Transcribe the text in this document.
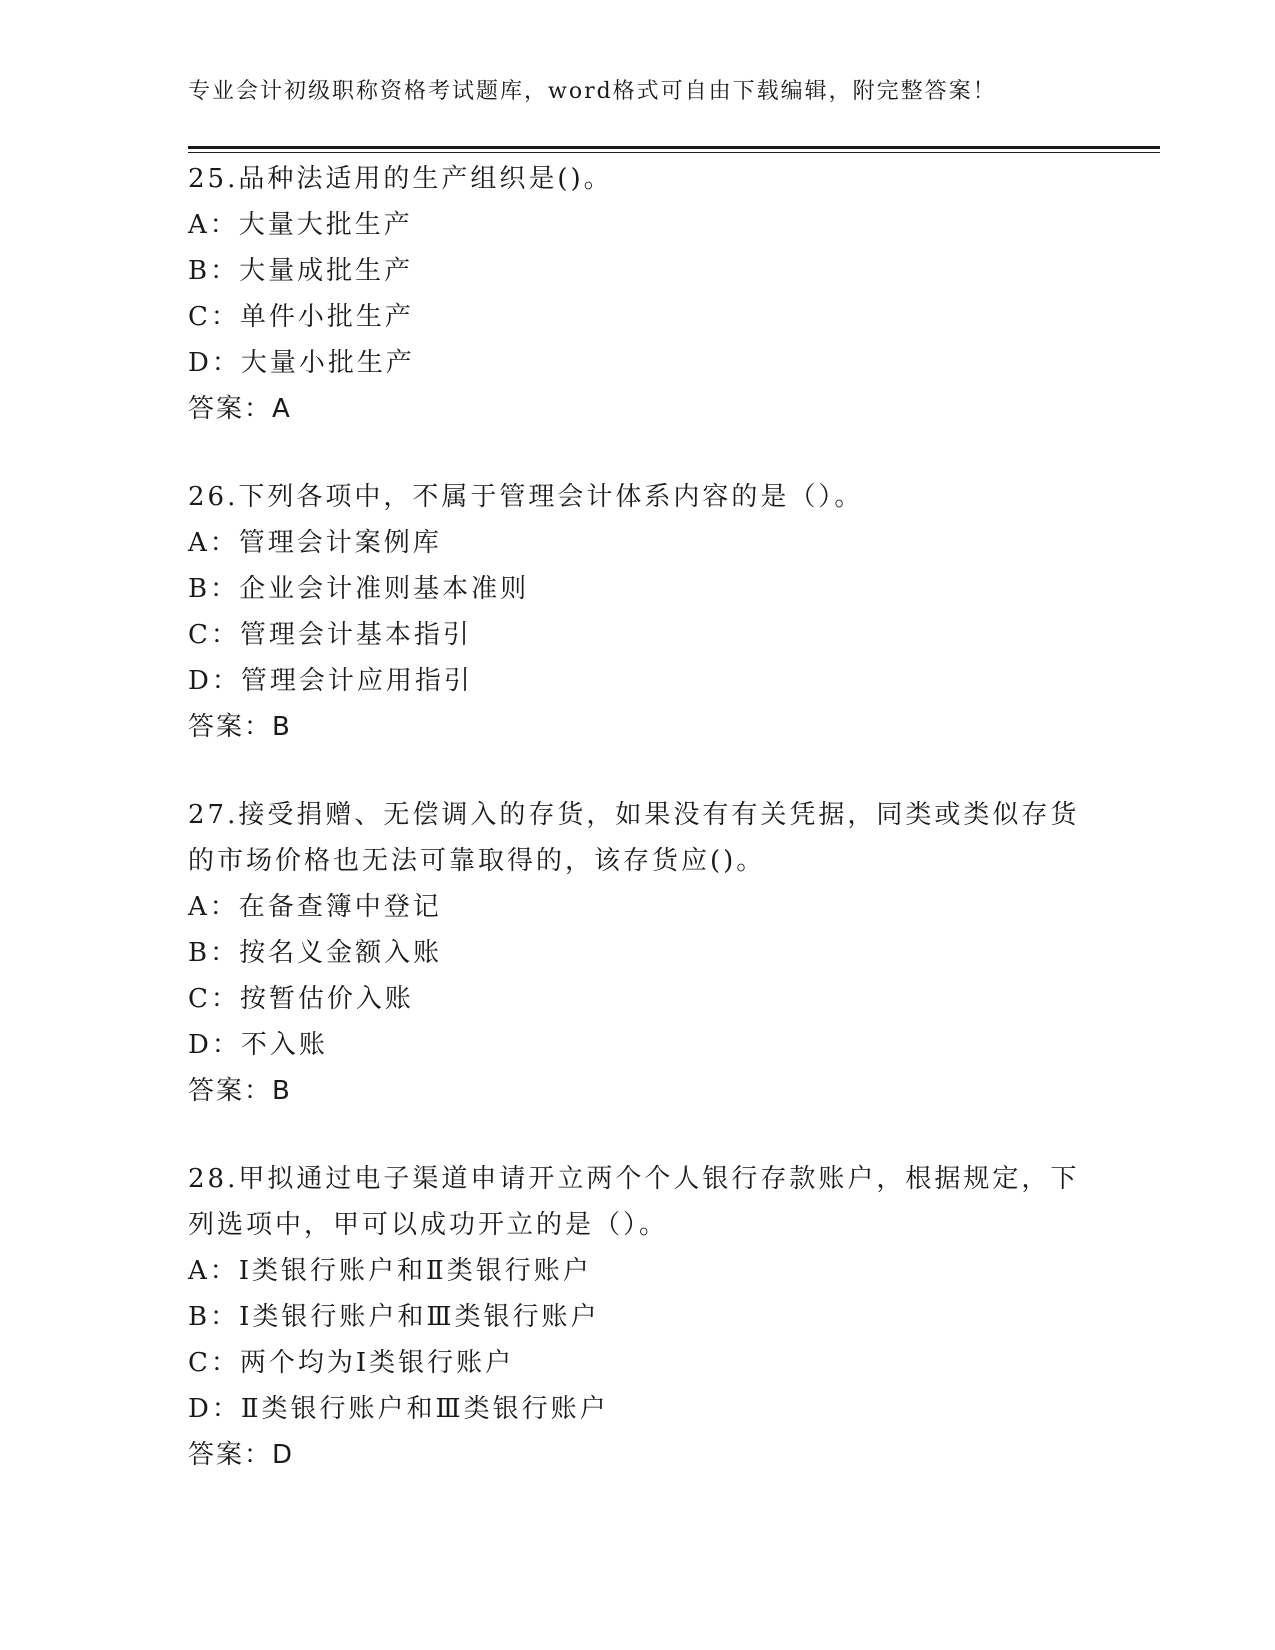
专业会计初级职称资格考试题库，word格式可自由下载编辑，附完整答案！

25.品种法适用的生产组织是()。

A：大量大批生产

B：大量成批生产

C：单件小批生产

D：大量小批生产

答案：A

26.下列各项中，不属于管理会计体系内容的是（）。

A：管理会计案例库

B：企业会计准则基本准则

C：管理会计基本指引

D：管理会计应用指引

答案：B

27.接受捐赠、无偿调入的存货，如果没有有关凭据，同类或类似存货的市场价格也无法可靠取得的，该存货应()。

A：在备查簿中登记

B：按名义金额入账

C：按暂估价入账

D：不入账

答案：B

28.甲拟通过电子渠道申请开立两个个人银行存款账户，根据规定，下列选项中，甲可以成功开立的是（）。

A：Ⅰ类银行账户和Ⅱ类银行账户

B：Ⅰ类银行账户和Ⅲ类银行账户

C：两个均为Ⅰ类银行账户

D：Ⅱ类银行账户和Ⅲ类银行账户

答案：D
